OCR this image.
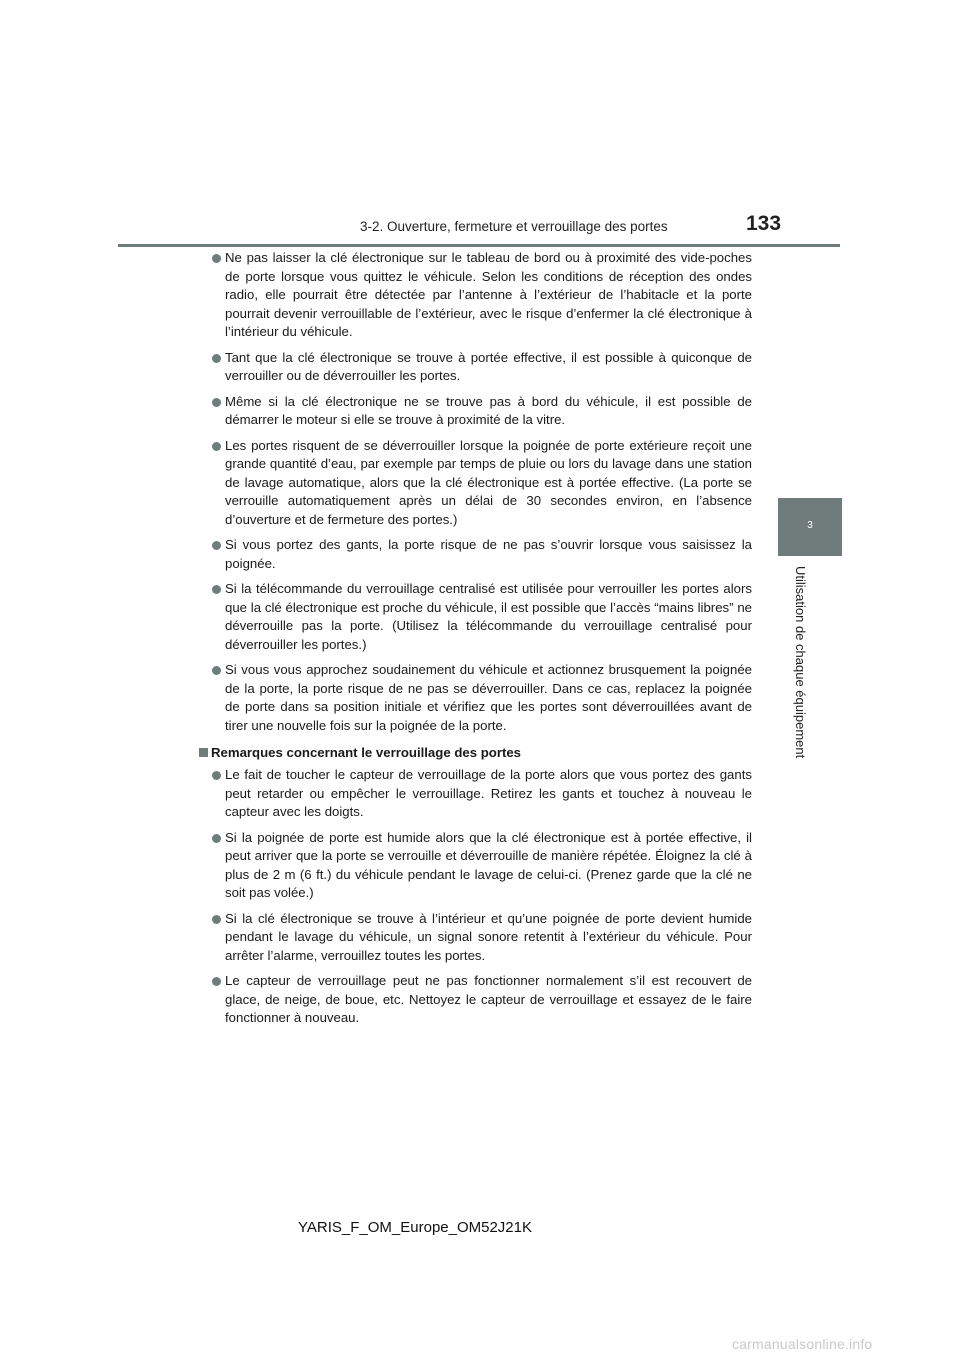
3-2. Ouverture, fermeture et verrouillage des portes	133
3
Utilisation de chaque équipement
Ne pas laisser la clé électronique sur le tableau de bord ou à proximité des vide-poches de porte lorsque vous quittez le véhicule. Selon les conditions de réception des ondes radio, elle pourrait être détectée par l’antenne à l’extérieur de l’habitacle et la porte pourrait devenir verrouillable de l’extérieur, avec le risque d’enfermer la clé électronique à l’intérieur du véhicule.
Tant que la clé électronique se trouve à portée effective, il est possible à quiconque de verrouiller ou de déverrouiller les portes.
Même si la clé électronique ne se trouve pas à bord du véhicule, il est possible de démarrer le moteur si elle se trouve à proximité de la vitre.
Les portes risquent de se déverrouiller lorsque la poignée de porte extérieure reçoit une grande quantité d’eau, par exemple par temps de pluie ou lors du lavage dans une station de lavage automatique, alors que la clé électronique est à portée effective. (La porte se verrouille automatiquement après un délai de 30 secondes environ, en l’absence d’ouverture et de fermeture des portes.)
Si vous portez des gants, la porte risque de ne pas s’ouvrir lorsque vous saisissez la poignée.
Si la télécommande du verrouillage centralisé est utilisée pour verrouiller les portes alors que la clé électronique est proche du véhicule, il est possible que l’accès “mains libres” ne déverrouille pas la porte. (Utilisez la télécommande du verrouillage centralisé pour déverrouiller les portes.)
Si vous vous approchez soudainement du véhicule et actionnez brusquement la poignée de la porte, la porte risque de ne pas se déverrouiller. Dans ce cas, replacez la poignée de porte dans sa position initiale et vérifiez que les portes sont déverrouillées avant de tirer une nouvelle fois sur la poignée de la porte.
Remarques concernant le verrouillage des portes
Le fait de toucher le capteur de verrouillage de la porte alors que vous portez des gants peut retarder ou empêcher le verrouillage. Retirez les gants et touchez à nouveau le capteur avec les doigts.
Si la poignée de porte est humide alors que la clé électronique est à portée effective, il peut arriver que la porte se verrouille et déverrouille de manière répétée. Éloignez la clé à plus de 2 m (6 ft.) du véhicule pendant le lavage de celui-ci. (Prenez garde que la clé ne soit pas volée.)
Si la clé électronique se trouve à l’intérieur et qu’une poignée de porte devient humide pendant le lavage du véhicule, un signal sonore retentit à l’extérieur du véhicule. Pour arrêter l’alarme, verrouillez toutes les portes.
Le capteur de verrouillage peut ne pas fonctionner normalement s’il est recouvert de glace, de neige, de boue, etc. Nettoyez le capteur de verrouillage et essayez de le faire fonctionner à nouveau.
YARIS_F_OM_Europe_OM52J21K
carmanualsonline.info
